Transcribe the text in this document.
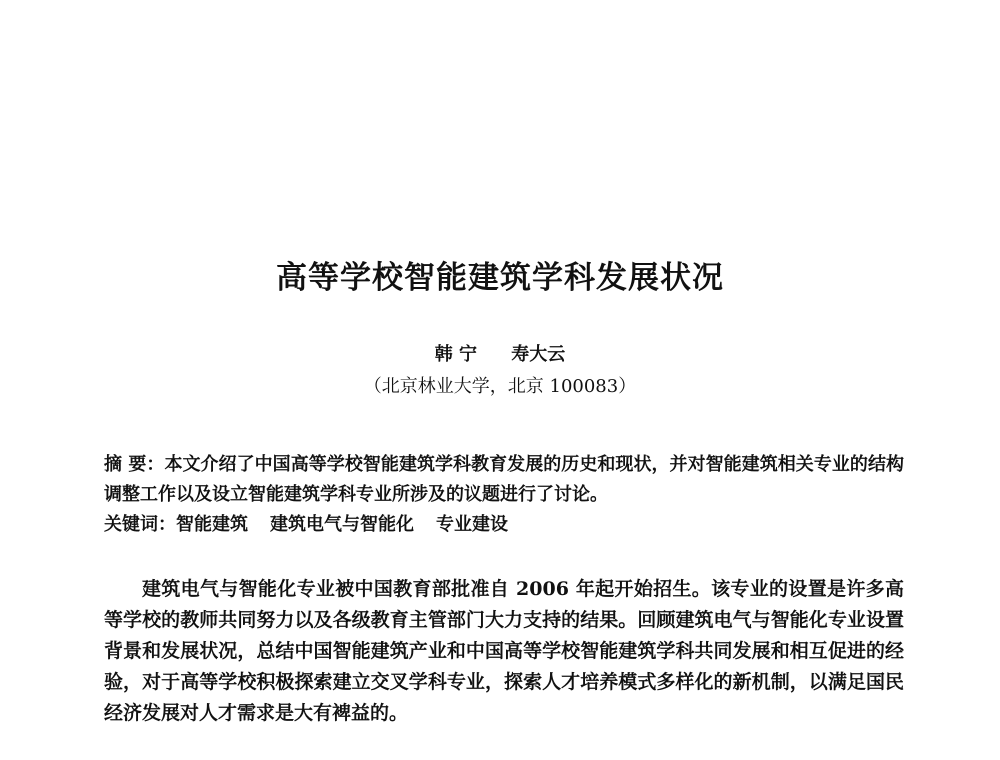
高等学校智能建筑学科发展状况
韩 宁 寿大云
（北京林业大学，北京 100083）
摘 要：本文介绍了中国高等学校智能建筑学科教育发展的历史和现状，并对智能建筑相关专业的结构调整工作以及设立智能建筑学科专业所涉及的议题进行了讨论。
关键词：智能建筑 建筑电气与智能化 专业建设
建筑电气与智能化专业被中国教育部批准自 2006 年起开始招生。该专业的设置是许多高等学校的教师共同努力以及各级教育主管部门大力支持的结果。回顾建筑电气与智能化专业设置背景和发展状况，总结中国智能建筑产业和中国高等学校智能建筑学科共同发展和相互促进的经验，对于高等学校积极探索建立交叉学科专业，探索人才培养模式多样化的新机制，以满足国民经济发展对人才需求是大有裨益的。
